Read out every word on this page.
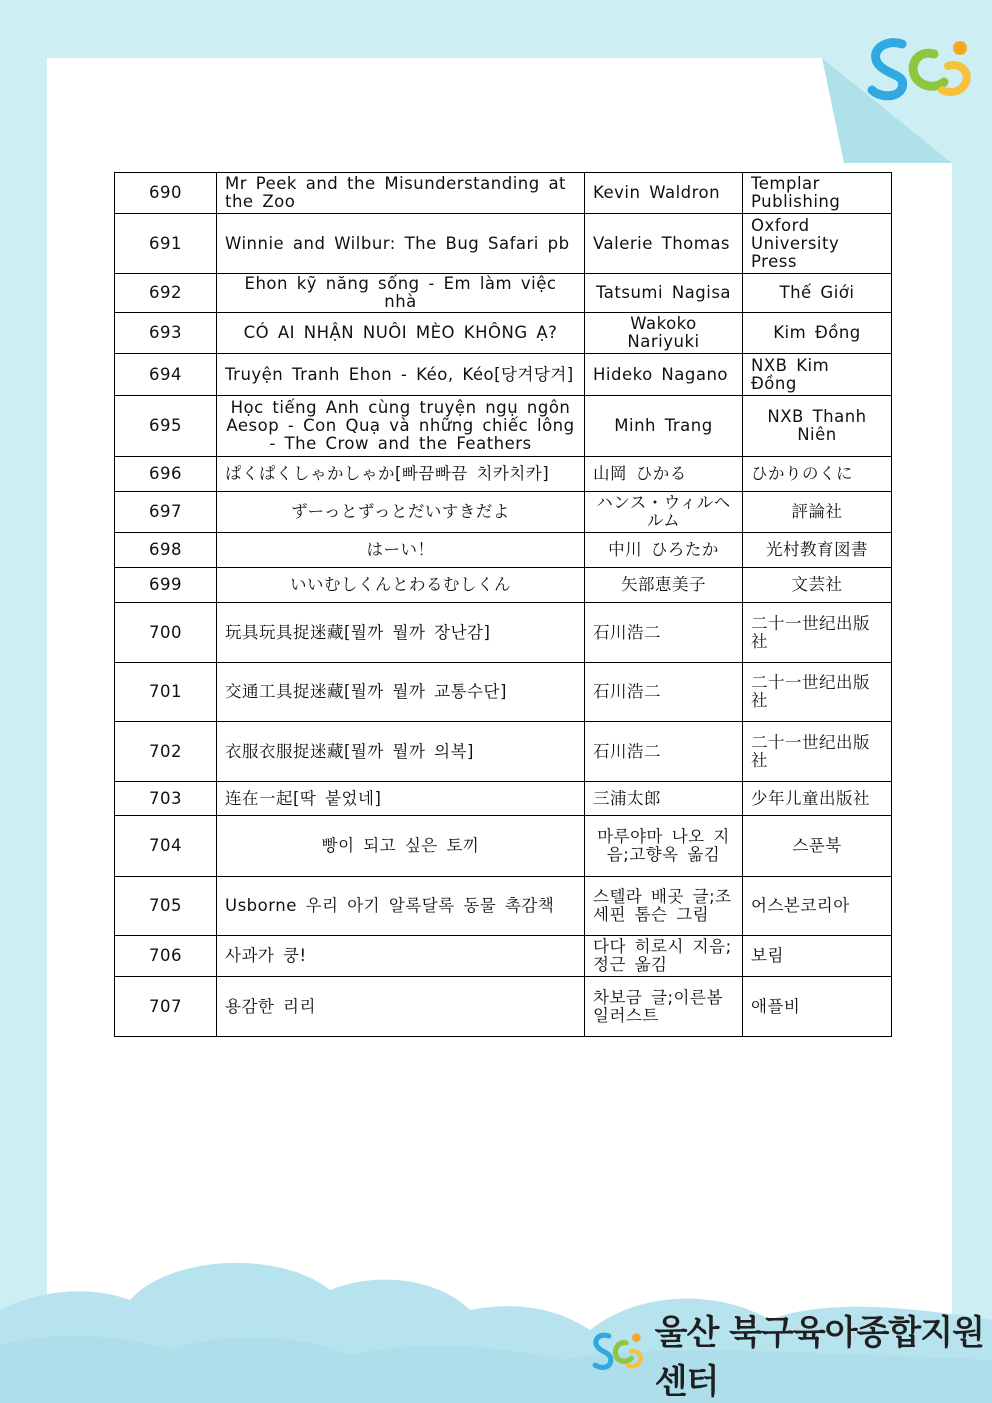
690	Mr Peek and the Misunderstanding at the Zoo	Kevin Waldron	Templar Publishing
691	Winnie and Wilbur: The Bug Safari pb	Valerie Thomas	Oxford University Press
692	Ehon kỹ năng sống - Em làm việc nhà	Tatsumi Nagisa	Thế Giới
693	CÓ AI NHẬN NUÔI MÈO KHÔNG Ạ?	Wakoko Nariyuki	Kim Đồng
694	Truyện Tranh Ehon - Kéo, Kéo[당겨당겨]	Hideko Nagano	NXB Kim Đồng
695	Học tiếng Anh cùng truyện ngụ ngôn Aesop - Con Quạ và những chiếc lông - The Crow and the Feathers	Minh Trang	NXB Thanh Niên
696	ぱくぱくしゃかしゃか[빠끔빠끔 치카치카]	山岡 ひかる	ひかりのくに
697	ずーっとずっとだいすきだよ	ハンス・ウィルヘルム	評論社
698	はーい！	中川 ひろたか	光村教育図書
699	いいむしくんとわるむしくん	矢部恵美子	文芸社
700	玩具玩具捉迷藏[뭘까 뭘까 장난감]	石川浩二	二十一世纪出版社
701	交通工具捉迷藏[뭘까 뭘까 교통수단]	石川浩二	二十一世纪出版社
702	衣服衣服捉迷藏[뭘까 뭘까 의복]	石川浩二	二十一世纪出版社
703	连在一起[딱 붙었네]	三浦太郎	少年儿童出版社
704	빵이 되고 싶은 토끼	마루야마 나오 지음;고향옥 옮김	스푼북
705	Usborne 우리 아기 알록달록 동물 촉감책	스텔라 배곳 글;조세핀 톰슨 그림	어스본코리아
706	사과가 쿵!	다다 히로시 지음;정근 옮김	보림
707	용감한 리리	차보금 글;이른봄 일러스트	애플비
울산 북구육아종합지원센터
